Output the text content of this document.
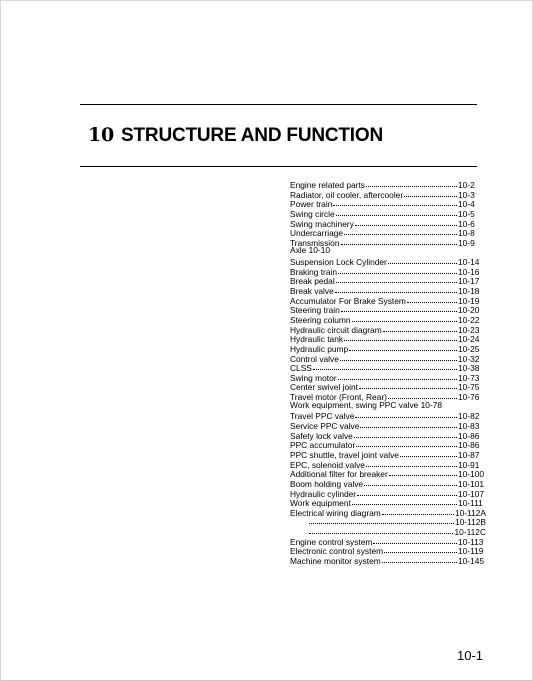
10 STRUCTURE AND FUNCTION
Engine related parts	10-2
Radiator, oil cooler, aftercooler	10-3
Power train	10-4
Swing circle	10-5
Swing machinery	10-6
Undercarriage	10-8
Transmission	10-9
Axle 10-10
Suspension Lock Cylinder	10-14
Braking train	10-16
Break pedal	10-17
Break valve	10-18
Accumulator For Brake System	10-19
Steering train	10-20
Steering column	10-22
Hydraulic circuit diagram	10-23
Hydraulic tank	10-24
Hydraulic pump	10-25
Control valve	10-32
CLSS	10-38
Swing motor	10-73
Center swivel joint	10-75
Travel motor (Front, Rear)	10-76
Work equipment, swing PPC valve 10-78
Travel PPC valve	10-82
Service PPC valve	10-83
Safety lock valve	10-86
PPC accumulator	10-86
PPC shuttle, travel joint valve	10-87
EPC, solenoid valve	10-91
Additional filter for breaker	10-100
Boom holding valve	10-101
Hydraulic cylinder	10-107
Work equipment	10-111
Electrical wiring diagram	10-112A
10-112B
10-112C
Engine control system	10-113
Electronic control system	10-119
Machine monitor system	10-145
10-1
